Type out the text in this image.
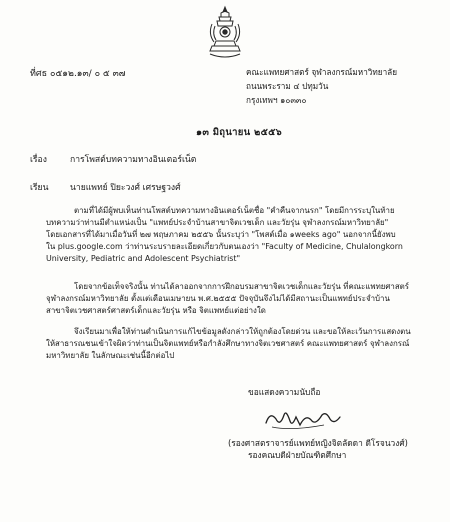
ที่ศธ ๐๕๑๒.๑๓/ ๐ ๕ ๓๗	คณะแพทยศาสตร์ จุฬาลงกรณ์มหาวิทยาลัย
ถนนพระราม ๔ ปทุมวัน
กรุงเทพฯ ๑๐๓๓๐
๑๓ มิถุนายน ๒๕๕๖
เรื่อง	การโพสต์บทความทางอินเตอร์เน็ต
เรียน	นายแพทย์ ปิยะวงศ์ เศรษฐวงศ์
ตามที่ได้มีผู้พบเห็นท่านโพสต์บทความทางอินเตอร์เน็ตชื่อ "คำคืนจากนรก" โดยมีการระบุในท้าย
บทความว่าท่านมีตำแหน่งเป็น "แพทย์ประจำบ้านสาขาจิตเวชเด็ก และวัยรุ่น จุฬาลงกรณ์มหาวิทยาลัย"
โดยเอกสารที่ได้มาเมื่อวันที่ ๒๗ พฤษภาคม ๒๕๕๖ นั้นระบุว่า "โพสต์เมื่อ ๑weeks ago" นอกจากนี้ยังพบ
ใน plus.google.com ว่าท่านระบรายละเอียดเกี่ยวกับตนเองว่า "Faculty of Medicine, Chulalongkorn
University, Pediatric and Adolescent Psychiatrist"
โดยจากข้อเท็จจริงนั้น ท่านได้ลาออกจากการฝึกอบรมสาขาจิตเวชเด็กและวัยรุ่น ที่คณะแพทยศาสตร์
จุฬาลงกรณ์มหาวิทยาลัย ตั้งแต่เดือนเมษายน พ.ศ.๒๕๕๕ ปัจจุบันจึงไม่ได้มีสถานะเป็นแพทย์ประจำบ้าน
สาขาจิตเวชศาสตร์ศาสตร์เด็กและวัยรุ่น หรือ จิตแพทย์แต่อย่างใด
จึงเรียนมาเพื่อให้ท่านดำเนินการแก้ไขข้อมูลดังกล่าวให้ถูกต้องโดยด่วน และขอให้ละเว้นการแสดงตน
ให้สาธารณชนเข้าใจผิดว่าท่านเป็นจิตแพทย์หรือกำลังศึกษาทางจิตเวชศาสตร์ คณะแพทยศาสตร์ จุฬาลงกรณ์
มหาวิทยาลัย ในลักษณะเช่นนี้อีกต่อไป
ขอแสดงความนับถือ
(รองศาสตราจารย์แพทย์หญิงจิตลัดดา ดีโรจนวงศ์)
รองคณบดีฝ่ายบัณฑิตศึกษา
